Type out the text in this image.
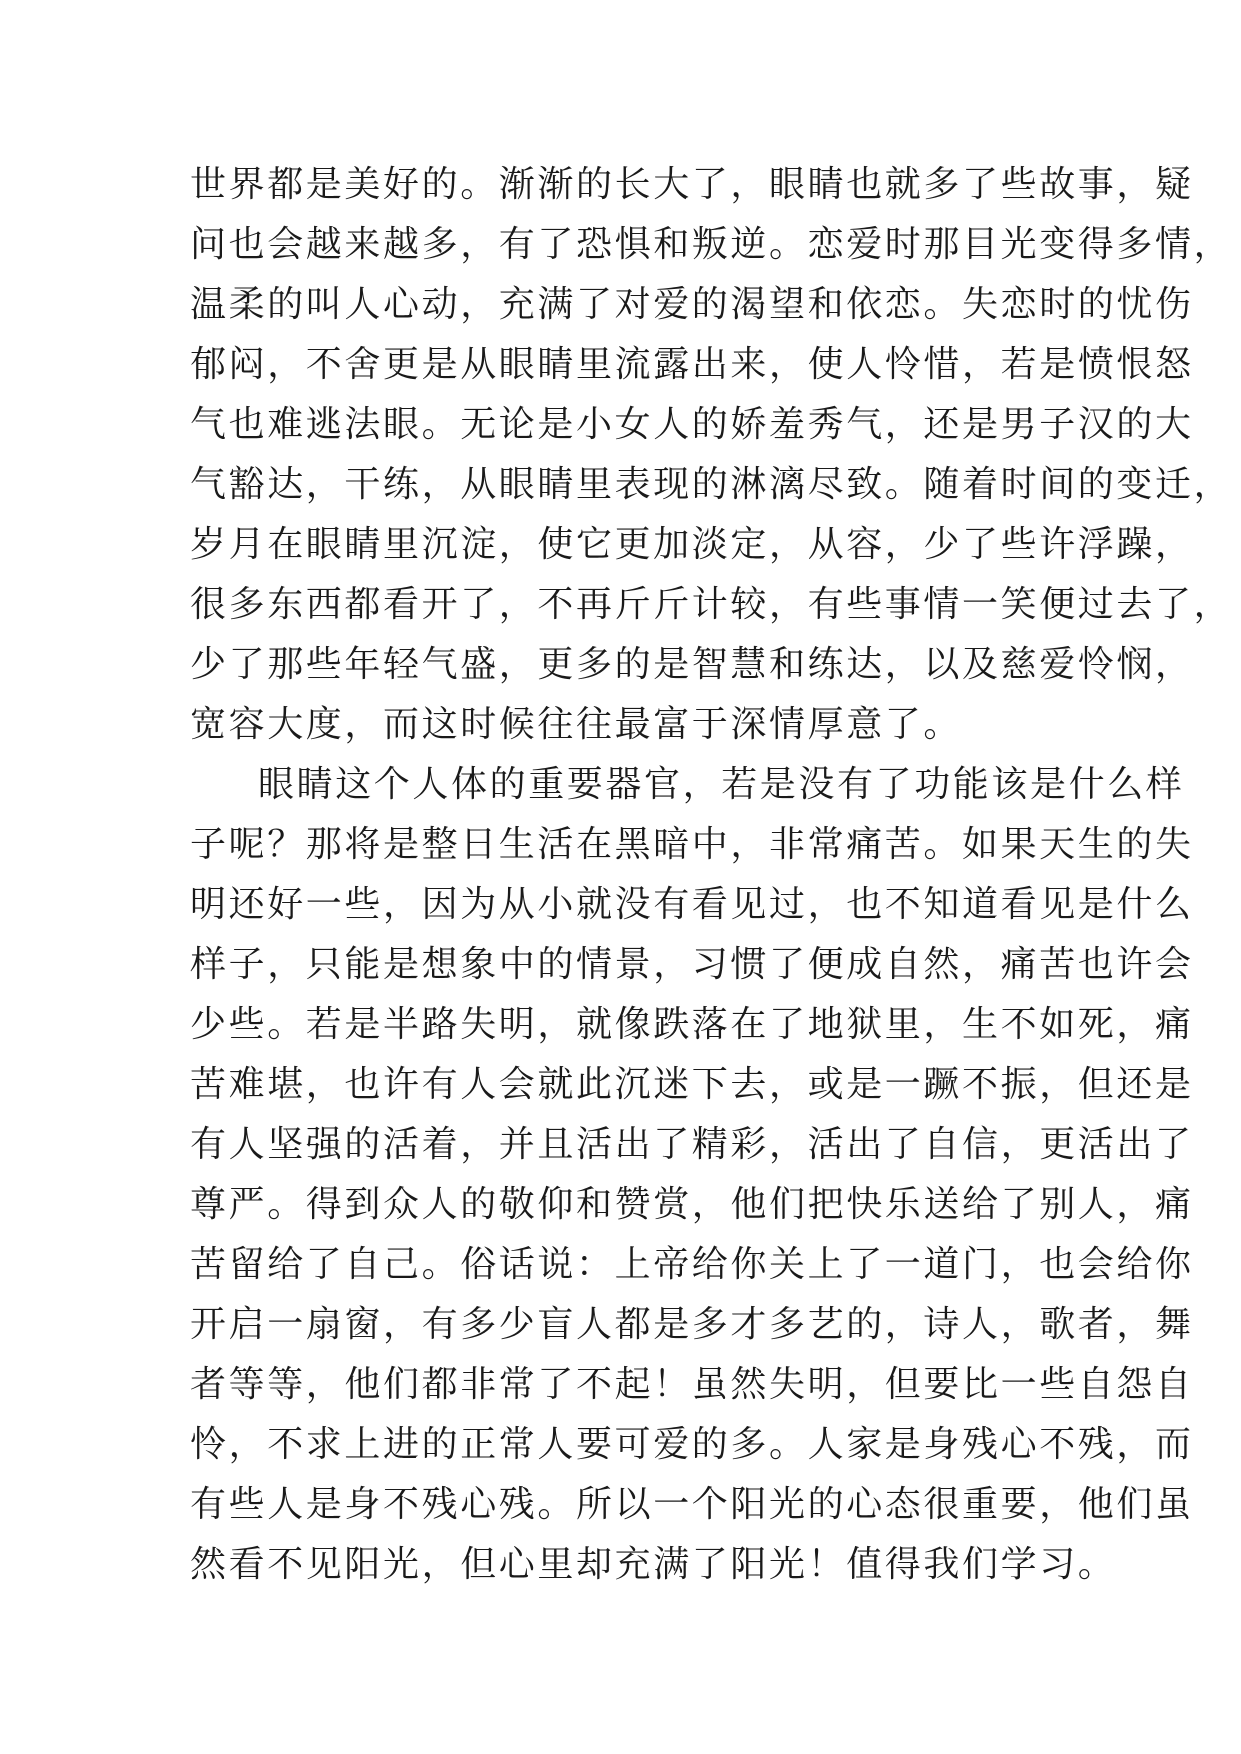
世界都是美好的。渐渐的长大了，眼睛也就多了些故事，疑
问也会越来越多，有了恐惧和叛逆。恋爱时那目光变得多情，
温柔的叫人心动，充满了对爱的渴望和依恋。失恋时的忧伤
郁闷，不舍更是从眼睛里流露出来，使人怜惜，若是愤恨怒
气也难逃法眼。无论是小女人的娇羞秀气，还是男子汉的大
气豁达，干练，从眼睛里表现的淋漓尽致。随着时间的变迁，
岁月在眼睛里沉淀，使它更加淡定，从容，少了些许浮躁，
很多东西都看开了，不再斤斤计较，有些事情一笑便过去了，
少了那些年轻气盛，更多的是智慧和练达，以及慈爱怜悯，
宽容大度，而这时候往往最富于深情厚意了。
眼睛这个人体的重要器官，若是没有了功能该是什么样
子呢？那将是整日生活在黑暗中，非常痛苦。如果天生的失
明还好一些，因为从小就没有看见过，也不知道看见是什么
样子，只能是想象中的情景，习惯了便成自然，痛苦也许会
少些。若是半路失明，就像跌落在了地狱里，生不如死，痛
苦难堪，也许有人会就此沉迷下去，或是一蹶不振，但还是
有人坚强的活着，并且活出了精彩，活出了自信，更活出了
尊严。得到众人的敬仰和赞赏，他们把快乐送给了别人，痛
苦留给了自己。俗话说：上帝给你关上了一道门，也会给你
开启一扇窗，有多少盲人都是多才多艺的，诗人，歌者，舞
者等等，他们都非常了不起！虽然失明，但要比一些自怨自
怜，不求上进的正常人要可爱的多。人家是身残心不残，而
有些人是身不残心残。所以一个阳光的心态很重要，他们虽
然看不见阳光，但心里却充满了阳光！值得我们学习。
